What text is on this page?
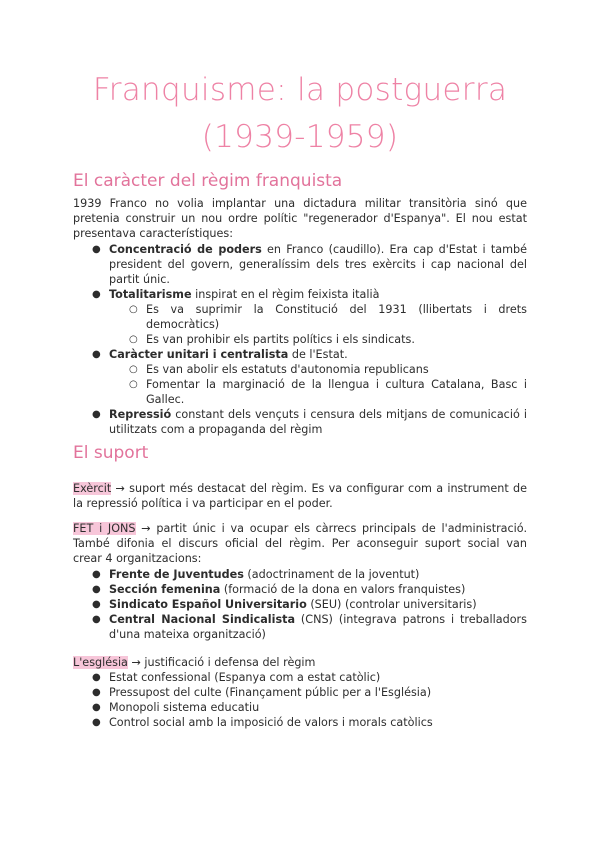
Franquisme: la postguerra
(1939-1959)
El caràcter del règim franquista
1939 Franco no volia implantar una dictadura militar transitòria sinó que
pretenia construir un nou ordre polític "regenerador d'Espanya". El nou estat
presentava característiques:
● Concentració de poders en Franco (caudillo). Era cap d'Estat i també
president del govern, generalíssim dels tres exèrcits i cap nacional del
partit únic.
● Totalitarisme inspirat en el règim feixista italià
○ Es va suprimir la Constitució del 1931 (llibertats i drets
democràtics)
○ Es van prohibir els partits polítics i els sindicats.
● Caràcter unitari i centralista de l'Estat.
○ Es van abolir els estatuts d'autonomia republicans
○ Fomentar la marginació de la llengua i cultura Catalana, Basc i
Gallec.
● Repressió constant dels vençuts i censura dels mitjans de comunicació i
utilitzats com a propaganda del règim
El suport
Exèrcit → suport més destacat del règim. Es va configurar com a instrument de
la repressió política i va participar en el poder.
FET i JONS → partit únic i va ocupar els càrrecs principals de l'administració.
També difonia el discurs oficial del règim. Per aconseguir suport social van
crear 4 organitzacions:
● Frente de Juventudes (adoctrinament de la joventut)
● Sección femenina (formació de la dona en valors franquistes)
● Sindicato Español Universitario (SEU) (controlar universitaris)
● Central Nacional Sindicalista (CNS) (integrava patrons i treballadors
d'una mateixa organització)
L'església → justificació i defensa del règim
● Estat confessional (Espanya com a estat catòlic)
● Pressupost del culte (Finançament públic per a l'Església)
● Monopoli sistema educatiu
● Control social amb la imposició de valors i morals catòlics
